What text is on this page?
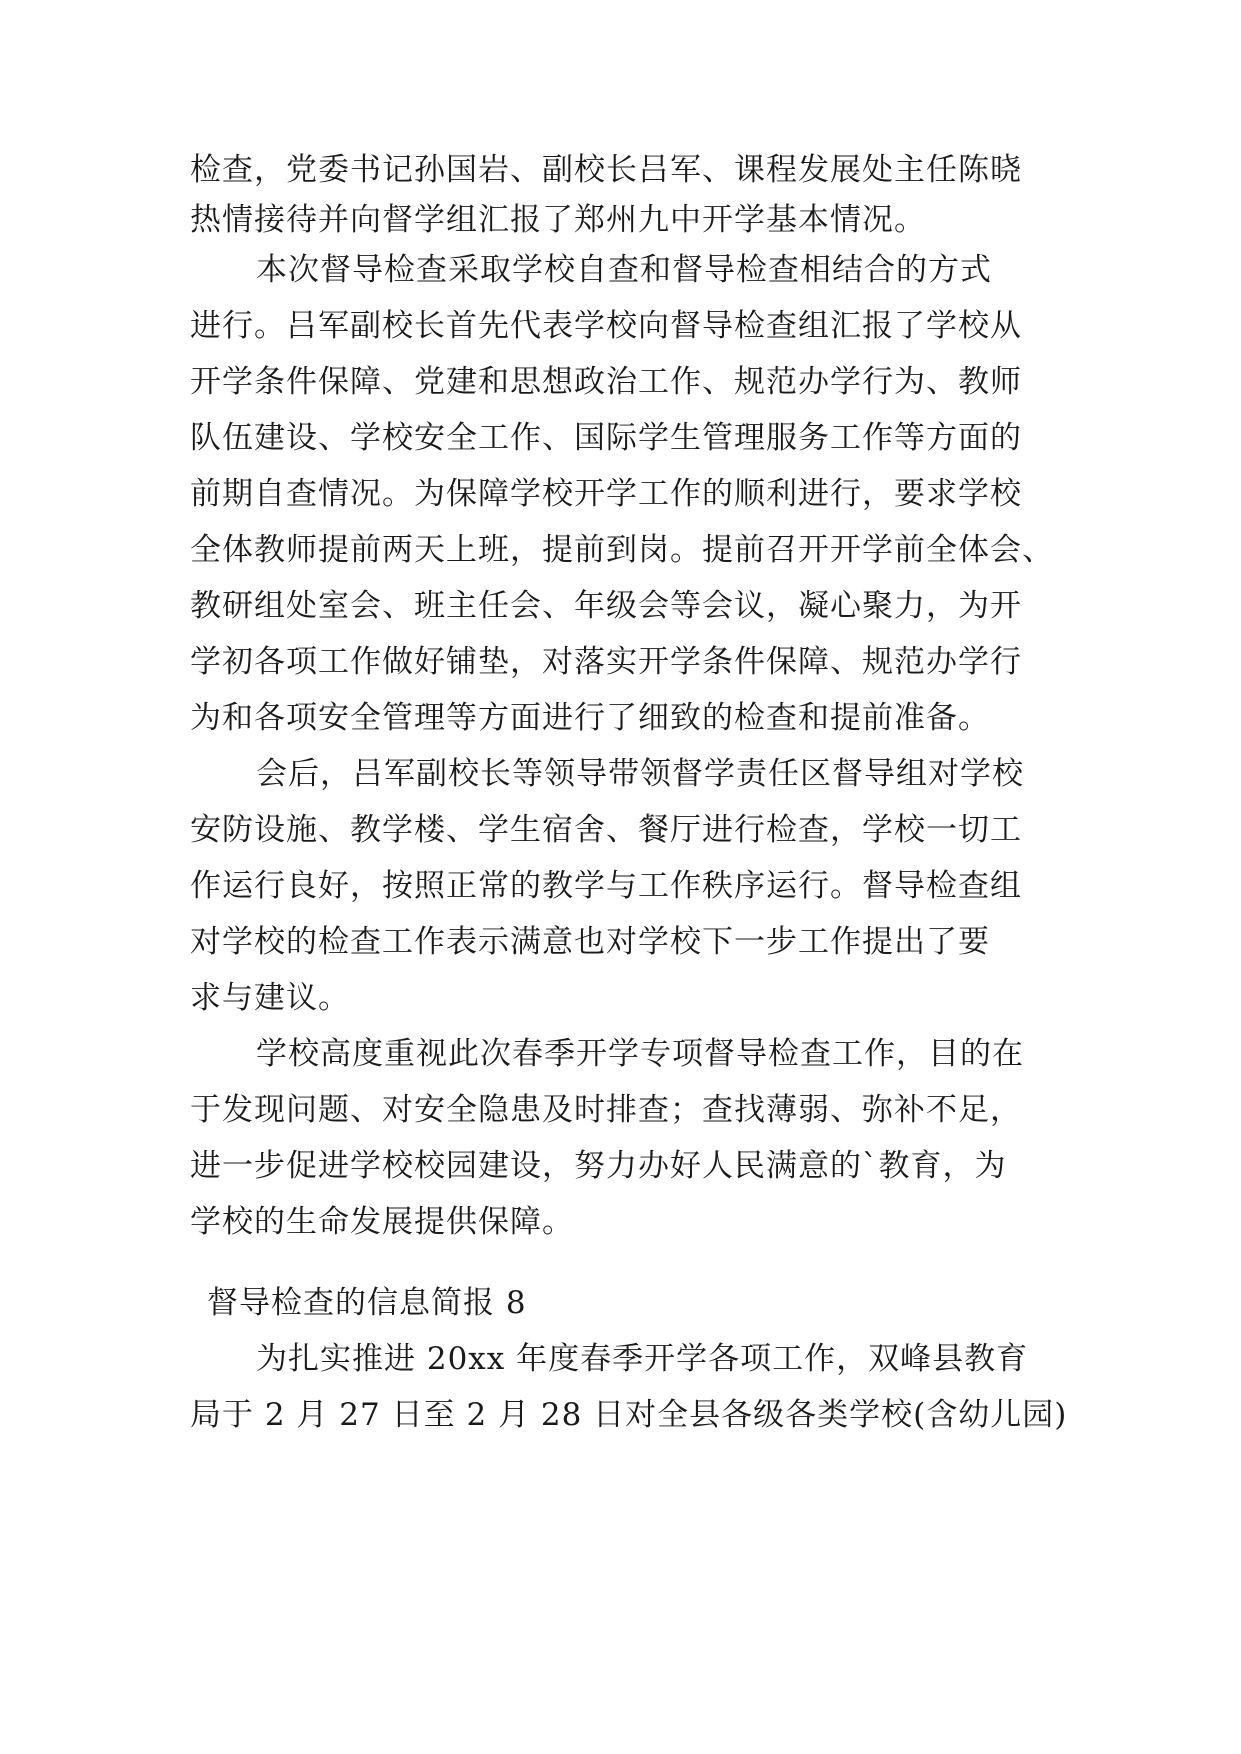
检查，党委书记孙国岩、副校长吕军、课程发展处主任陈晓
热情接待并向督学组汇报了郑州九中开学基本情况。
本次督导检查采取学校自查和督导检查相结合的方式
进行。吕军副校长首先代表学校向督导检查组汇报了学校从
开学条件保障、党建和思想政治工作、规范办学行为、教师
队伍建设、学校安全工作、国际学生管理服务工作等方面的
前期自查情况。为保障学校开学工作的顺利进行，要求学校
全体教师提前两天上班，提前到岗。提前召开开学前全体会、
教研组处室会、班主任会、年级会等会议，凝心聚力，为开
学初各项工作做好铺垫，对落实开学条件保障、规范办学行
为和各项安全管理等方面进行了细致的检查和提前准备。
会后，吕军副校长等领导带领督学责任区督导组对学校
安防设施、教学楼、学生宿舍、餐厅进行检查，学校一切工
作运行良好，按照正常的教学与工作秩序运行。督导检查组
对学校的检查工作表示满意也对学校下一步工作提出了要
求与建议。
学校高度重视此次春季开学专项督导检查工作，目的在
于发现问题、对安全隐患及时排查；查找薄弱、弥补不足，
进一步促进学校校园建设，努力办好人民满意的`教育，为
学校的生命发展提供保障。
督导检查的信息简报 8
为扎实推进 20xx 年度春季开学各项工作，双峰县教育
局于 2 月 27 日至 2 月 28 日对全县各级各类学校(含幼儿园)
